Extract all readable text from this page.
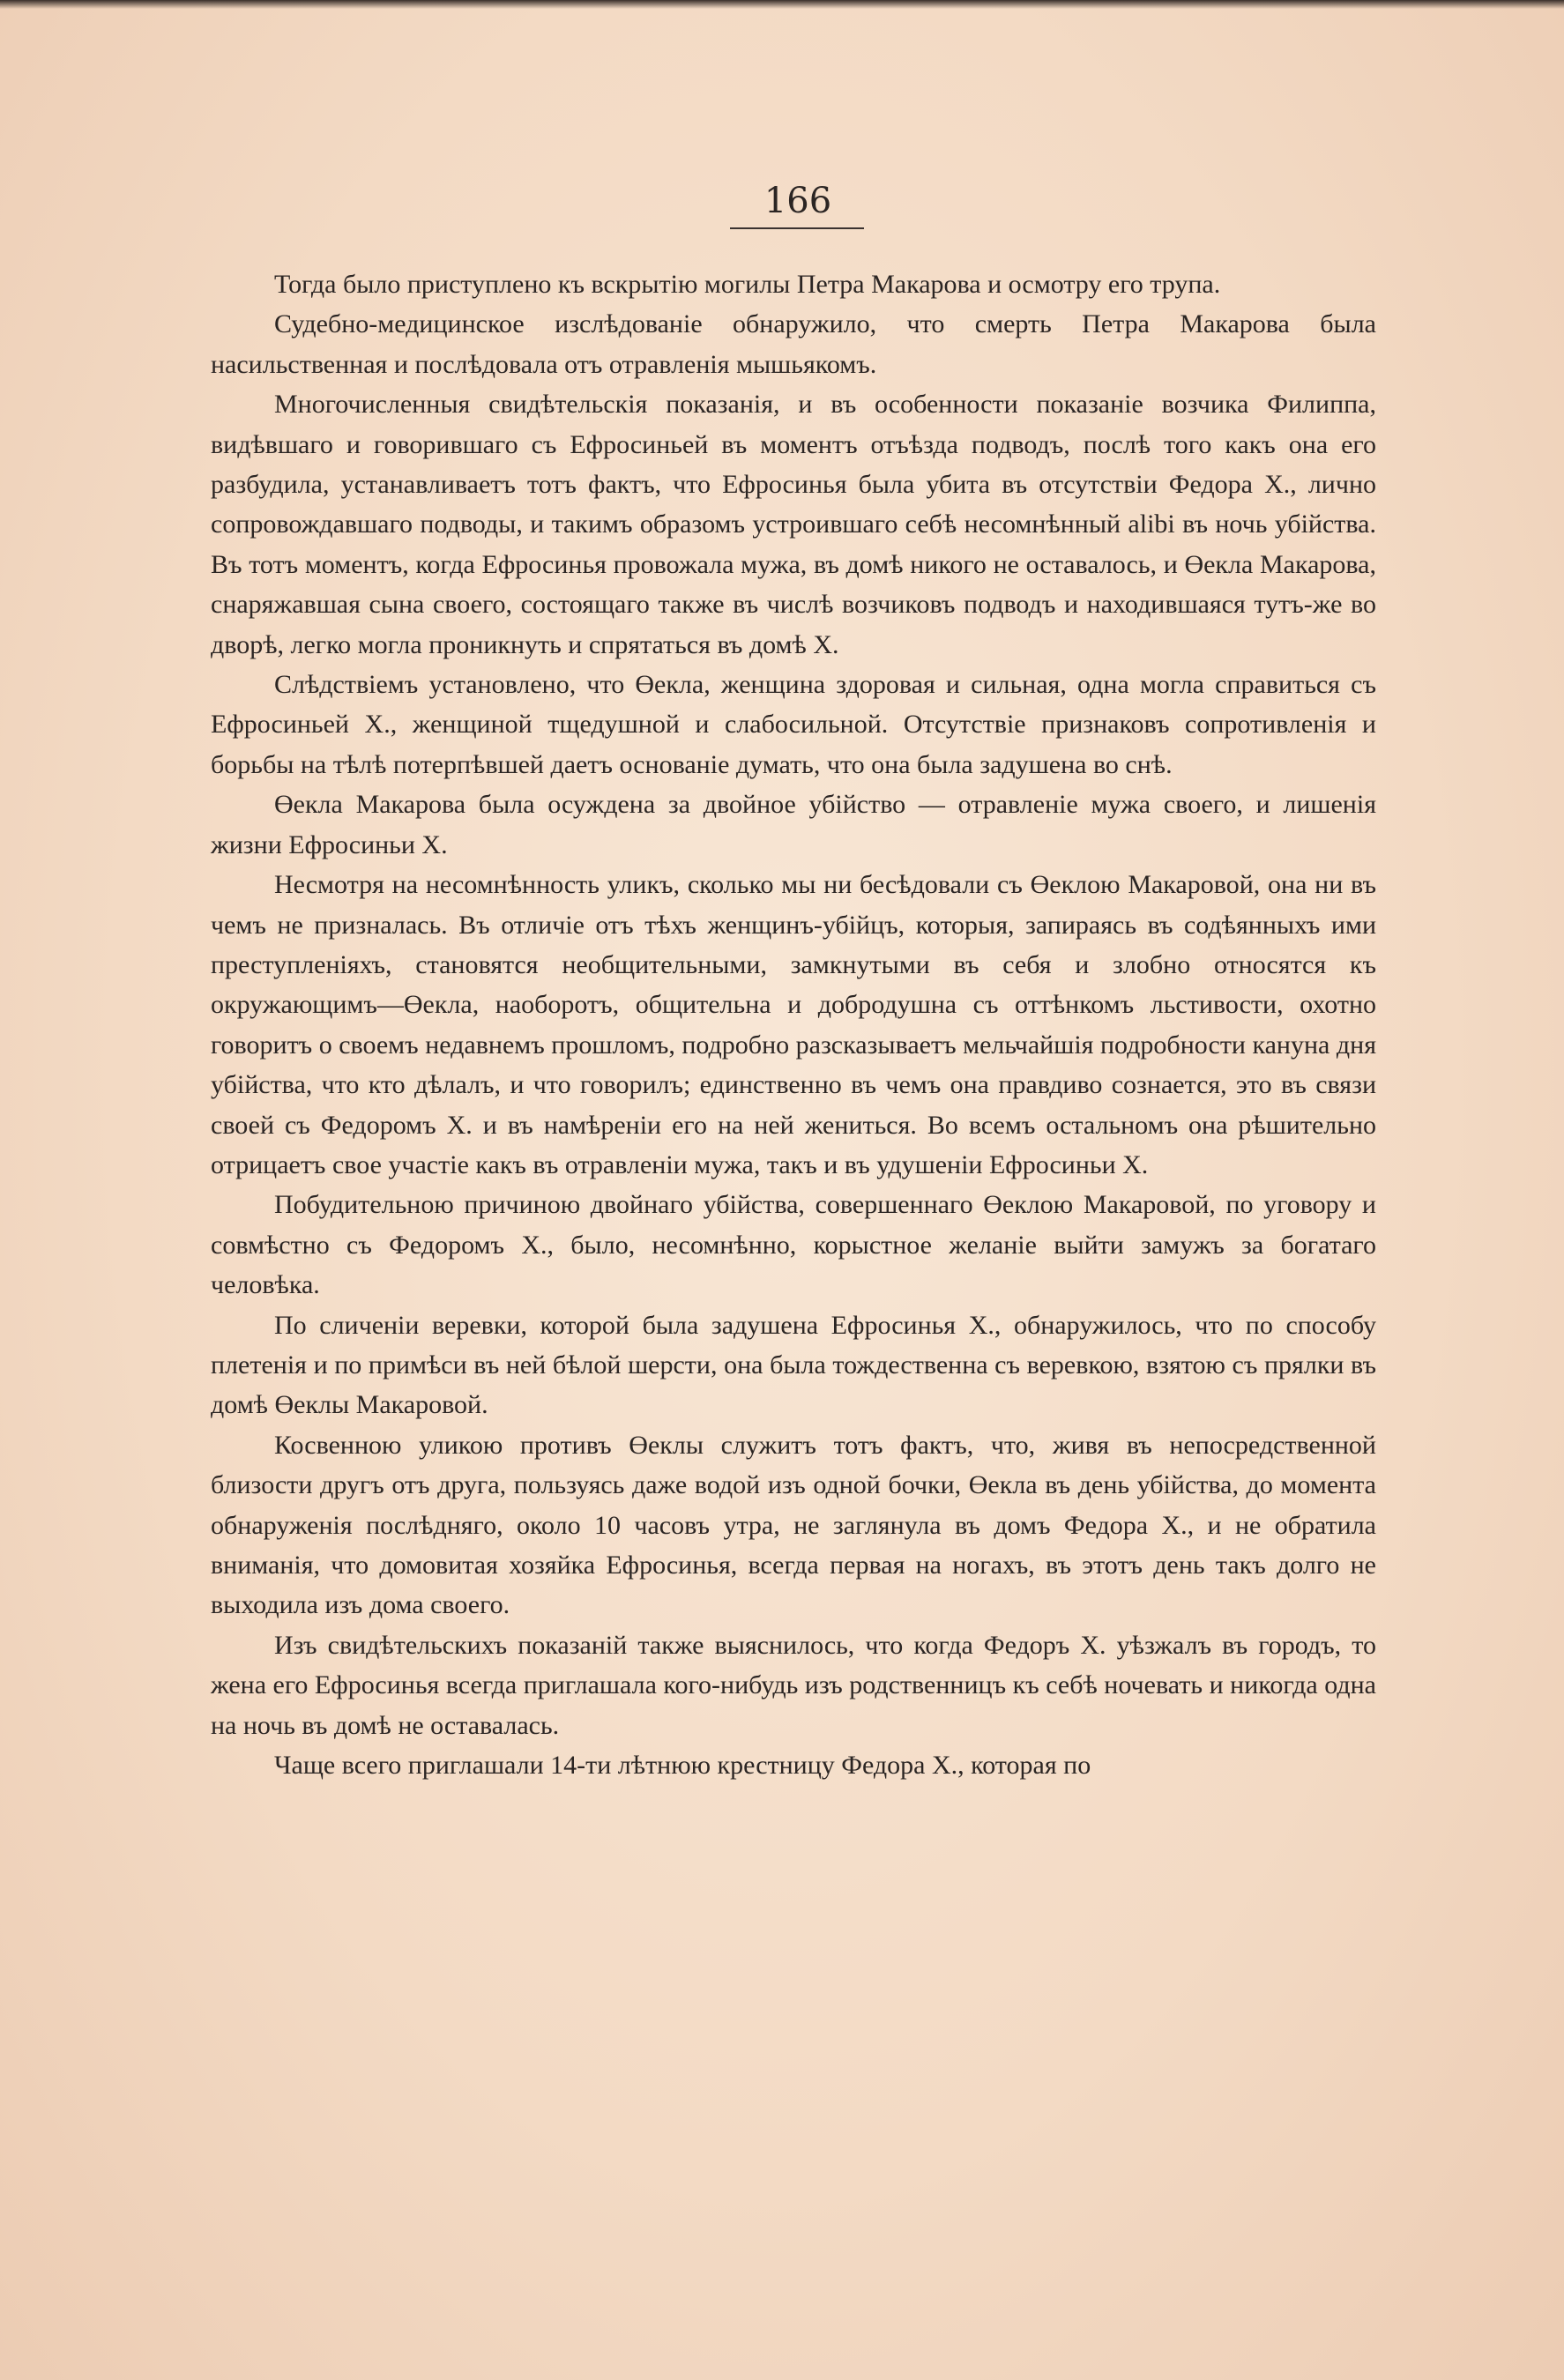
166

Тогда было приступлено къ вскрытію могилы Петра Макарова и осмотру его трупа.

Судебно-медицинское изслѣдованіе обнаружило, что смерть Петра Макарова была насильственная и послѣдовала отъ отравленія мышьякомъ.

Многочисленныя свидѣтельскія показанія, и въ особенности показаніе возчика Филиппа, видѣвшаго и говорившаго съ Ефросиньей въ моментъ отъѣзда подводъ, послѣ того какъ она его разбудила, устанавливаетъ тотъ фактъ, что Ефросинья была убита въ отсутствіи Федора Х., лично сопровождавшаго подводы, и такимъ образомъ устроившаго себѣ несомнѣнный alibi въ ночь убійства. Въ тотъ моментъ, когда Ефросинья провожала мужа, въ домѣ никого не оставалось, и Өекла Макарова, снаряжавшая сына своего, состоящаго также въ числѣ возчиковъ подводъ и находившаяся тутъ-же во дворѣ, легко могла проникнуть и спрятаться въ домѣ Х.

Слѣдствіемъ установлено, что Өекла, женщина здоровая и сильная, одна могла справиться съ Ефросиньей Х., женщиной тщедушной и слабосильной. Отсутствіе признаковъ сопротивленія и борьбы на тѣлѣ потерпѣвшей даетъ основаніе думать, что она была задушена во снѣ.

Өекла Макарова была осуждена за двойное убійство — отравленіе мужа своего, и лишенія жизни Ефросиньи Х.

Несмотря на несомнѣнность уликъ, сколько мы ни бесѣдовали съ Өеклою Макаровой, она ни въ чемъ не призналась. Въ отличіе отъ тѣхъ женщинъ-убійцъ, которыя, запираясь въ содѣянныхъ ими преступленіяхъ, становятся необщительными, замкнутыми въ себя и злобно относятся къ окружающимъ—Өекла, наоборотъ, общительна и добродушна съ оттѣнкомъ льстивости, охотно говоритъ о своемъ недавнемъ прошломъ, подробно разсказываетъ мельчайшія подробности кануна дня убійства, что кто дѣлалъ, и что говорилъ; единственно въ чемъ она правдиво сознается, это въ связи своей съ Федоромъ Х. и въ намѣреніи его на ней жениться. Во всемъ остальномъ она рѣшительно отрицаетъ свое участіе какъ въ отравленіи мужа, такъ и въ удушеніи Ефросиньи Х.

Побудительною причиною двойнаго убійства, совершеннаго Өеклою Макаровой, по уговору и совмѣстно съ Федоромъ Х., было, несомнѣнно, корыстное желаніе выйти замужъ за богатаго человѣка.

По сличеніи веревки, которой была задушена Ефросинья Х., обнаружилось, что по способу плетенія и по примѣси въ ней бѣлой шерсти, она была тождественна съ веревкою, взятою съ прялки въ домѣ Өеклы Макаровой.

Косвенною уликою противъ Өеклы служитъ тотъ фактъ, что, живя въ непосредственной близости другъ отъ друга, пользуясь даже водой изъ одной бочки, Өекла въ день убійства, до момента обнаруженія послѣдняго, около 10 часовъ утра, не заглянула въ домъ Федора Х., и не обратила вниманія, что домовитая хозяйка Ефросинья, всегда первая на ногахъ, въ этотъ день такъ долго не выходила изъ дома своего.

Изъ свидѣтельскихъ показаній также выяснилось, что когда Федоръ Х. уѣзжалъ въ городъ, то жена его Ефросинья всегда приглашала кого-нибудь изъ родственницъ къ себѣ ночевать и никогда одна на ночь въ домѣ не оставалась.

Чаще всего приглашали 14-ти лѣтнюю крестницу Федора Х., которая по
